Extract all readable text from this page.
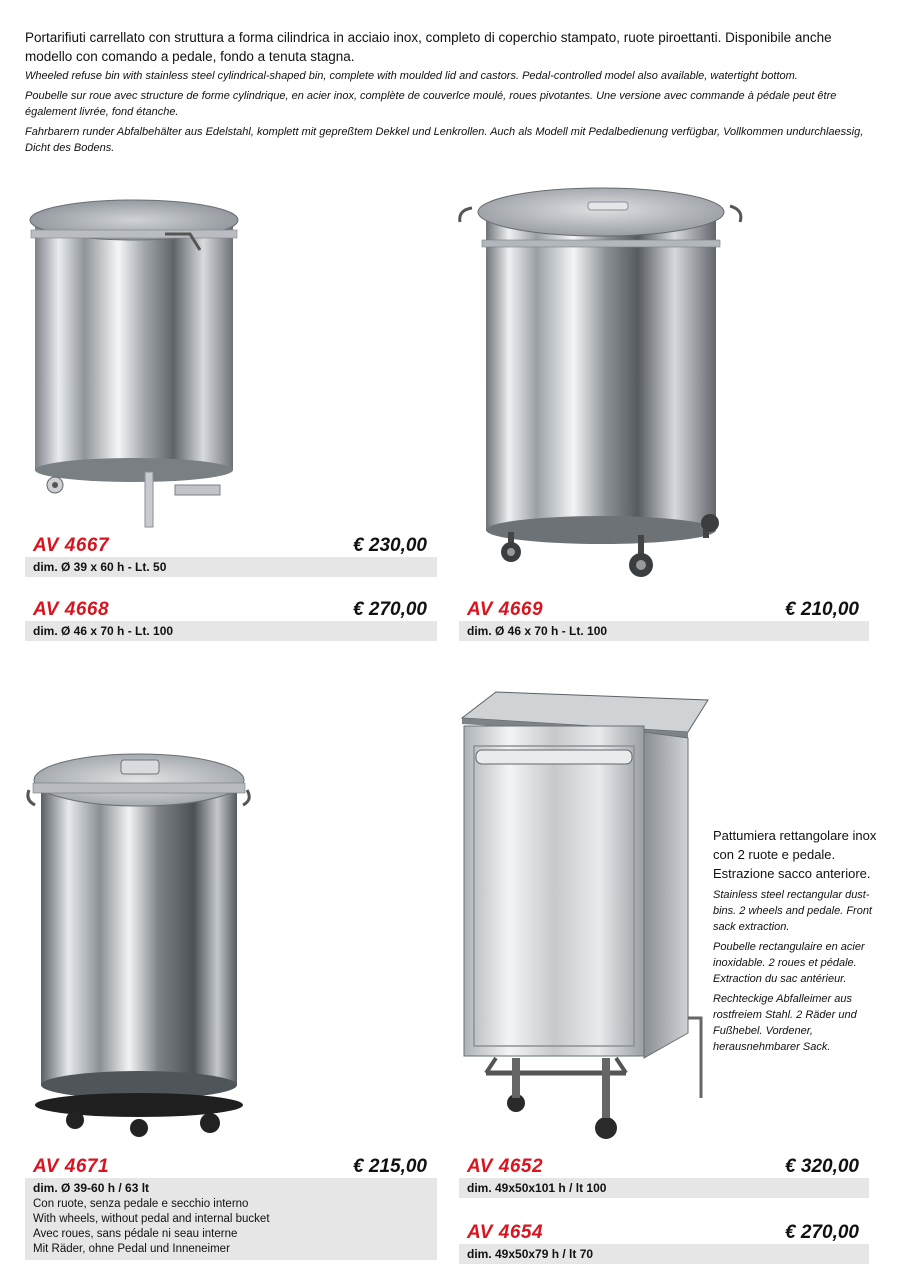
Portarifiuti carrellato con struttura a forma cilindrica in acciaio inox, completo di coperchio stampato, ruote piroettanti. Disponibile anche modello con comando a pedale, fondo a tenuta stagna.

Wheeled refuse bin with stainless steel cylindrical-shaped bin, complete with moulded lid and castors. Pedal-controlled model also available, watertight bottom.

Poubelle sur roue avec structure de forme cylindrique, en acier inox, complète de couverlce moulé, roues pivotantes. Une versione avec commande à pédale peut être également livrée, fond étanche.

Fahrbarern runder Abfalbehälter aus Edelstahl, komplett mit gepreßtem Dekkel und Lenkrollen. Auch als Modell mit Pedalbedienung verfügbar, Vollkommen undurchlaessig, Dicht des Bodens.

AV 4667	€ 230,00
dim. Ø 39 x 60 h - Lt. 50
AV 4668	€ 270,00
dim. Ø 46 x 70 h - Lt. 100
AV 4669	€ 210,00
dim. Ø 46 x 70 h - Lt. 100

Pattumiera rettangolare inox con 2 ruote e pedale. Estrazione sacco anteriore.

Stainless steel rectangular dust-bins. 2 wheels and pedale. Front sack extraction.

Poubelle rectangulaire en acier inoxidable. 2 roues et pédale. Extraction du sac antérieur.

Rechteckige Abfalleimer aus rostfreiem Stahl. 2 Räder und Fußhebel. Vordener, herausnehmbarer Sack.

AV 4671	€ 215,00
dim. Ø 39-60 h / 63 lt
Con ruote, senza pedale e secchio interno
With wheels, without pedal and internal bucket
Avec roues, sans pédale ni seau interne
Mit Räder, ohne Pedal und Inneneimer
AV 4652	€ 320,00
dim. 49x50x101 h / lt 100
AV 4654	€ 270,00
dim. 49x50x79 h / lt 70
